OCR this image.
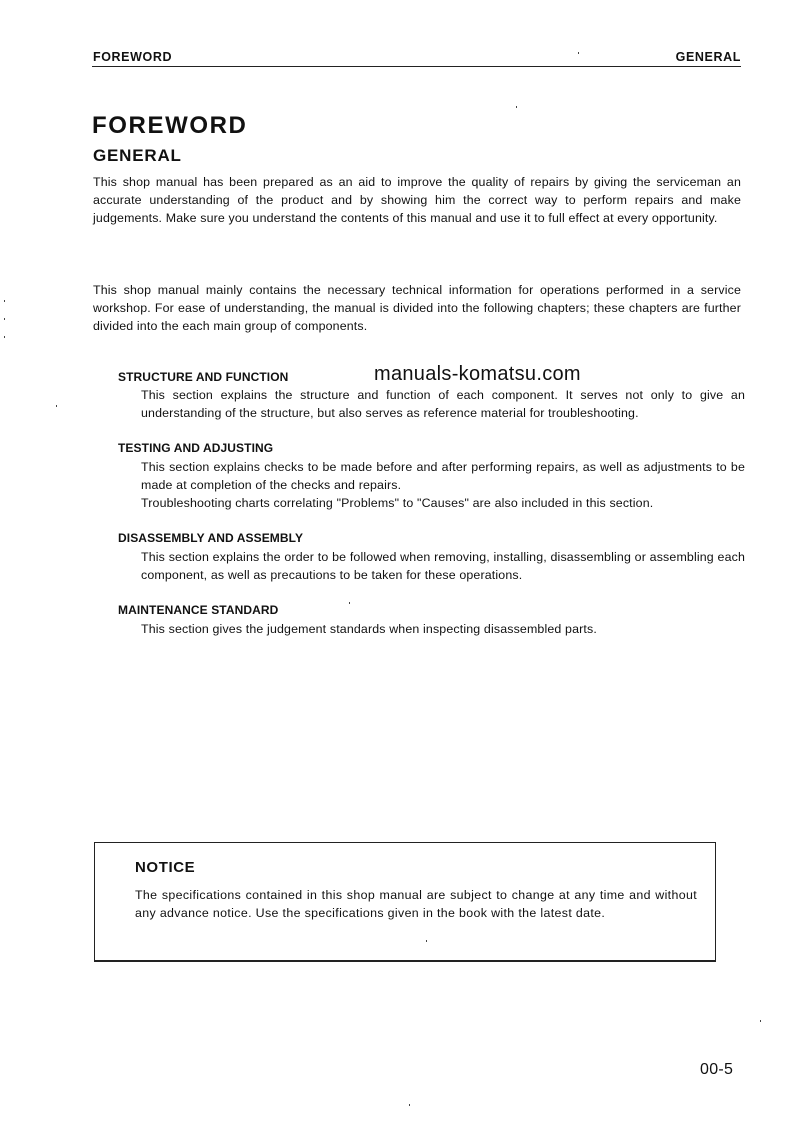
FOREWORD	GENERAL
FOREWORD
GENERAL

This shop manual has been prepared as an aid to improve the quality of repairs by giving the serviceman an accurate understanding of the product and by showing him the correct way to perform repairs and make judgements. Make sure you understand the contents of this manual and use it to full effect at every opportunity.

This shop manual mainly contains the necessary technical information for operations performed in a service workshop. For ease of understanding, the manual is divided into the following chapters; these chapters are further divided into the each main group of components.

manuals-komatsu.com

STRUCTURE AND FUNCTION

This section explains the structure and function of each component. It serves not only to give an understanding of the structure, but also serves as reference material for troubleshooting.

TESTING AND ADJUSTING

This section explains checks to be made before and after performing repairs, as well as adjustments to be made at completion of the checks and repairs.
Troubleshooting charts correlating "Problems" to "Causes" are also included in this section.

DISASSEMBLY AND ASSEMBLY

This section explains the order to be followed when removing, installing, disassembling or assembling each component, as well as precautions to be taken for these operations.

MAINTENANCE STANDARD

This section gives the judgement standards when inspecting disassembled parts.

NOTICE

The specifications contained in this shop manual are subject to change at any time and without any advance notice. Use the specifications given in the book with the latest date.

00-5
